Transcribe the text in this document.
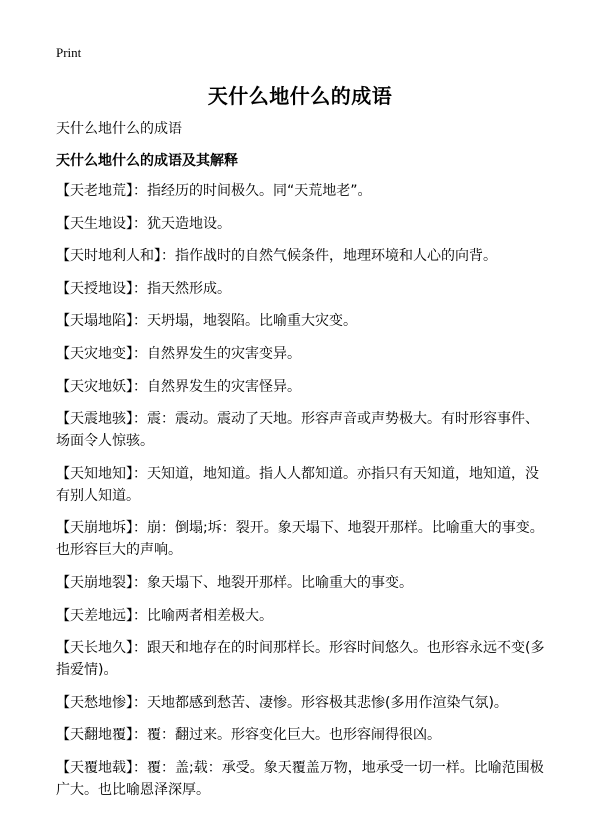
Print
天什么地什么的成语

天什么地什么的成语

天什么地什么的成语及其解释

【天老地荒】：指经历的时间极久。同“天荒地老”。
【天生地设】：犹天造地设。
【天时地利人和】：指作战时的自然气候条件，地理环境和人心的向背。
【天授地设】：指天然形成。
【天塌地陷】：天坍塌，地裂陷。比喻重大灾变。
【天灾地变】：自然界发生的灾害变异。
【天灾地妖】：自然界发生的灾害怪异。
【天震地骇】：震：震动。震动了天地。形容声音或声势极大。有时形容事件、场面令人惊骇。
【天知地知】：天知道，地知道。指人人都知道。亦指只有天知道，地知道，没有别人知道。
【天崩地坼】：崩：倒塌;坼：裂开。象天塌下、地裂开那样。比喻重大的事变。也形容巨大的声响。
【天崩地裂】：象天塌下、地裂开那样。比喻重大的事变。
【天差地远】：比喻两者相差极大。
【天长地久】：跟天和地存在的时间那样长。形容时间悠久。也形容永远不变(多指爱情)。
【天愁地惨】：天地都感到愁苦、凄惨。形容极其悲惨(多用作渲染气氛)。
【天翻地覆】：覆：翻过来。形容变化巨大。也形容闹得很凶。
【天覆地载】：覆：盖;载：承受。象天覆盖万物，地承受一切一样。比喻范围极广大。也比喻恩泽深厚。
